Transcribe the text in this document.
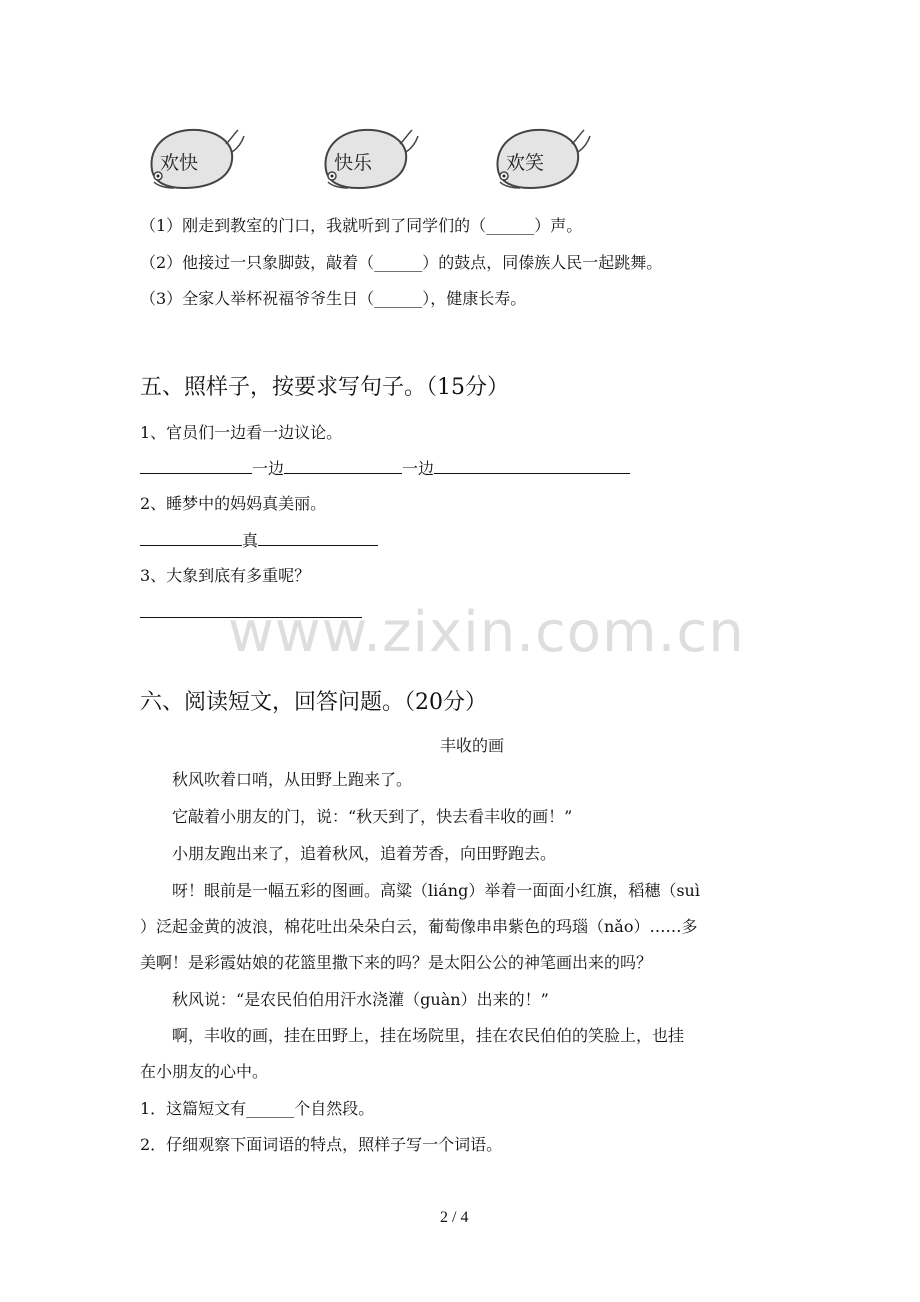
欢快	快乐	欢笑
（1）刚走到教室的门口，我就听到了同学们的（______）声。
（2）他接过一只象脚鼓，敲着（______）的鼓点，同傣族人民一起跳舞。
（3）全家人举杯祝福爷爷生日（______），健康长寿。
五、照样子，按要求写句子。（15分）
1、官员们一边看一边议论。
一边	一边
2、睡梦中的妈妈真美丽。
真
3、大象到底有多重呢？
www.zixin.com.cn
六、阅读短文，回答问题。（20分）
丰收的画
秋风吹着口哨，从田野上跑来了。
它敲着小朋友的门，说：“秋天到了，快去看丰收的画！”
小朋友跑出来了，追着秋风，追着芳香，向田野跑去。
呀！眼前是一幅五彩的图画。高粱（liáng）举着一面面小红旗，稻穗（suì
）泛起金黄的波浪，棉花吐出朵朵白云，葡萄像串串紫色的玛瑙（nǎo）……多
美啊！是彩霞姑娘的花篮里撒下来的吗？是太阳公公的神笔画出来的吗？
秋风说：“是农民伯伯用汗水浇灌（guàn）出来的！”
啊，丰收的画，挂在田野上，挂在场院里，挂在农民伯伯的笑脸上，也挂
在小朋友的心中。
1．这篇短文有______个自然段。
2．仔细观察下面词语的特点，照样子写一个词语。
2 / 4
